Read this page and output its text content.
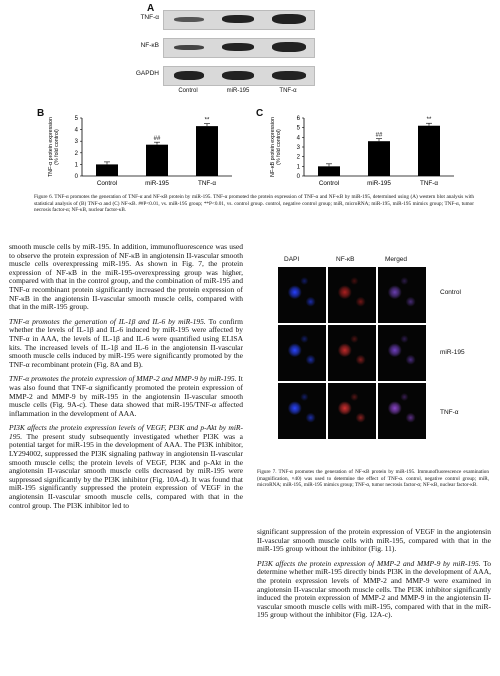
A
TNF-α
NF-κB
GAPDH
Control	miR-195	TNF-α
B	C
TNF-α protein expression(% fold control)
0
1
2
3
4
5
Control
##
miR-195
**
TNF-α
NF-κB protein expression(% fold control)
0
1
2
3
4
5
6
Control
##
miR-195
**
TNF-α
Figure 6. TNF-α promotes the generation of TNF-α and NF-κB protein by miR-195. TNF-α promoted the protein expression of TNF-α and NF-κB by miR-195, determined using (A) western blot analysis with statistical analysis of (B) TNF-α and (C) NF-κB. ##P<0.01, vs. miR-195 group; **P<0.01, vs. control group. control, negative control group; miR, microRNA; miR-195, miR-195 mimics group; TNF-α, tumor necrosis factor-α; NF-κB, nuclear factor-κB.

smooth muscle cells by miR-195. In addition, immunofluorescence was used to observe the protein expression of NF-κB in angiotensin II-vascular smooth muscle cells overexpressing miR-195. As shown in Fig. 7, the protein expression of NF-κB in the miR-195-overexpressing group was higher, compared with that in the control group, and the combination of miR-195 and TNF-α recombinant protein significantly increased the protein expression of NF-κB in the angiotensin II-vascular smooth muscle cells, compared with that in the miR-195 group.

TNF-α promotes the generation of IL-1β and IL-6 by miR-195. To confirm whether the levels of IL-1β and IL-6 induced by miR-195 were affected by TNF-α in AAA, the levels of IL-1β and IL-6 were quantified using ELISA kits. The increased levels of IL-1β and IL-6 in the angiotensin II-vascular smooth muscle cells induced by miR-195 were significantly promoted by the TNF-α recombinant protein (Fig. 8A and B).

TNF-α promotes the protein expression of MMP-2 and MMP-9 by miR-195. It was also found that TNF-α significantly promoted the protein expression of MMP-2 and MMP-9 by miR-195 in the angiotensin II-vascular smooth muscle cells (Fig. 9A-c). These data showed that miR-195/TNF-α affected inflammation in the development of AAA.

PI3K affects the protein expression levels of VEGF, PI3K and p-Akt by miR-195. The present study subsequently investigated whether PI3K was a potential target for miR-195 in the development of AAA. The PI3K inhibitor, LY294002, suppressed the PI3K signaling pathway in angiotensin II-vascular smooth muscle cells; the protein levels of VEGF, PI3K and p-Akt in the angiotensin II-vascular smooth muscle cells decreased by miR-195 were suppressed significantly by the PI3K inhibitor (Fig. 10A-d). It was found that miR-195 significantly suppressed the protein expression of VEGF in the angiotensin II-vascular smooth muscle cells, compared with that in the control group. The PI3K inhibitor led to

DAPI	NF-κB	Merged
Control
miR-195
TNF-α
Figure 7. TNF-α promotes the generation of NF-κB protein by miR-195. Immunofluorescence examination (magnification, ×40) was used to determine the effect of TNF-α. control, negative control group; miR, microRNA; miR-195, miR-195 mimics group; TNF-α, tumor necrosis factor-α; NF-κB, nuclear factor-κB.

significant suppression of the protein expression of VEGF in the angiotensin II-vascular smooth muscle cells with miR-195, compared with that in the miR-195 group without the inhibitor (Fig. 11).

PI3K affects the protein expression of MMP-2 and MMP-9 by miR-195. To determine whether miR-195 directly binds PI3K in the development of AAA, the protein expression levels of MMP-2 and MMP-9 were examined in angiotensin II-vascular smooth muscle cells. The PI3K inhibitor significantly induced the protein expression of MMP-2 and MMP-9 in the angiotensin II-vascular smooth muscle cells with miR-195, compared with that in the miR-195 group without the inhibitor (Fig. 12A-c).
